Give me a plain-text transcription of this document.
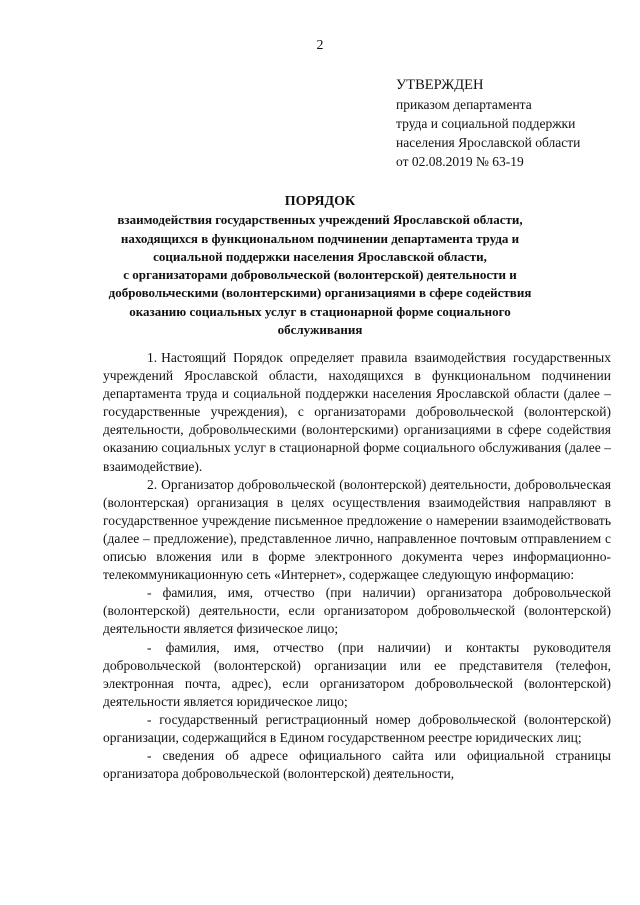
2
УТВЕРЖДЕН
приказом департамента
труда и социальной поддержки
населения Ярославской области
от 02.08.2019 № 63-19
ПОРЯДОК
взаимодействия государственных учреждений Ярославской области,
находящихся в функциональном подчинении департамента труда и
социальной поддержки населения Ярославской области,
с организаторами добровольческой (волонтерской) деятельности и
добровольческими (волонтерскими) организациями в сфере содействия
оказанию социальных услуг в стационарной форме социального
обслуживания

1. Настоящий Порядок определяет правила взаимодействия государственных учреждений Ярославской области, находящихся в функциональном подчинении департамента труда и социальной поддержки населения Ярославской области (далее – государственные учреждения), с организаторами добровольческой (волонтерской) деятельности, добровольческими (волонтерскими) организациями в сфере содействия оказанию социальных услуг в стационарной форме социального обслуживания (далее – взаимодействие).

2. Организатор добровольческой (волонтерской) деятельности, добровольческая (волонтерская) организация в целях осуществления взаимодействия направляют в государственное учреждение письменное предложение о намерении взаимодействовать (далее – предложение), представленное лично, направленное почтовым отправлением с описью вложения или в форме электронного документа через информационно-телекоммуникационную сеть «Интернет», содержащее следующую информацию:

- фамилия, имя, отчество (при наличии) организатора добровольческой (волонтерской) деятельности, если организатором добровольческой (волонтерской) деятельности является физическое лицо;

- фамилия, имя, отчество (при наличии) и контакты руководителя добровольческой (волонтерской) организации или ее представителя (телефон, электронная почта, адрес), если организатором добровольческой (волонтерской) деятельности является юридическое лицо;

- государственный регистрационный номер добровольческой (волонтерской) организации, содержащийся в Едином государственном реестре юридических лиц;

- сведения об адресе официального сайта или официальной страницы организатора добровольческой (волонтерской) деятельности,
